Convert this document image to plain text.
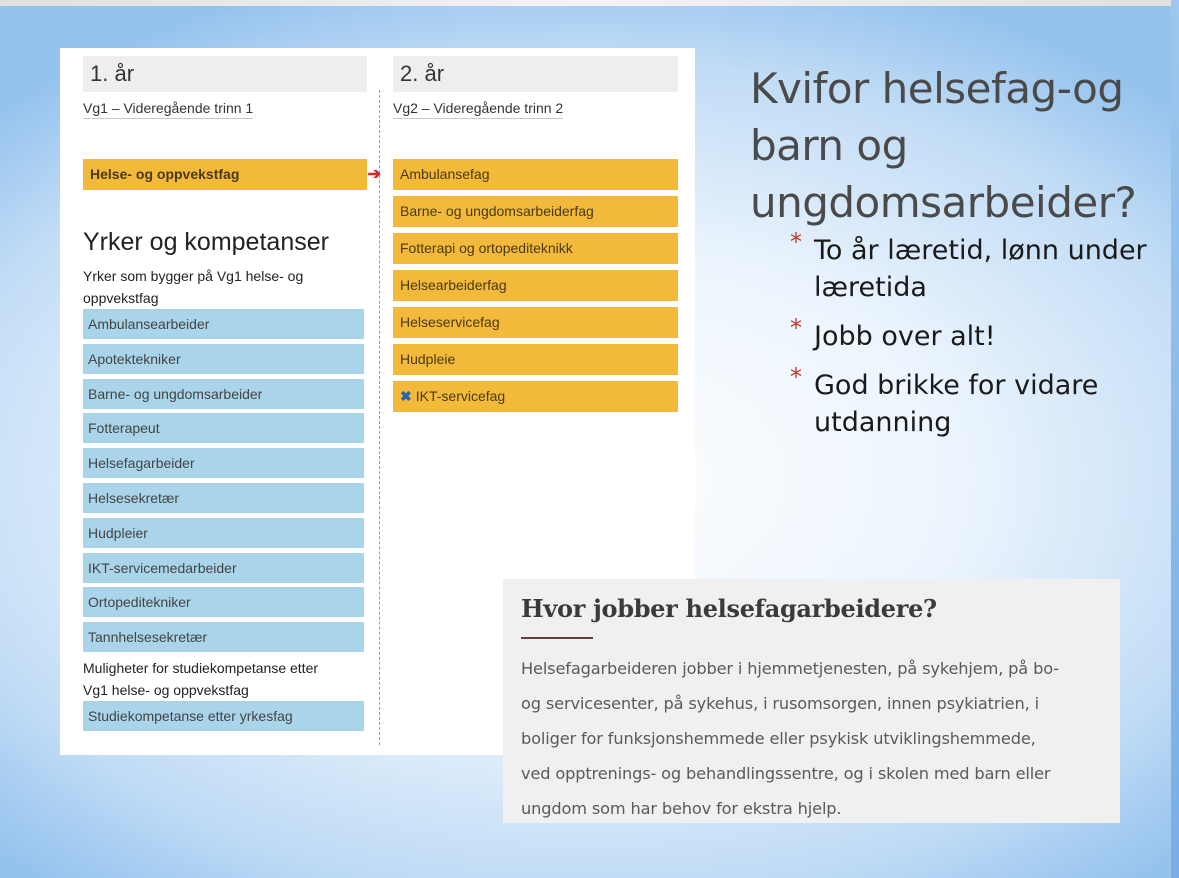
1. år
Vg1 – Videregående trinn 1
Helse- og oppvekstfag	➔
Yrker og kompetanser
Yrker som bygger på Vg1 helse- og oppvekstfag
Ambulansearbeider
Apotektekniker
Barne- og ungdomsarbeider
Fotterapeut
Helsefagarbeider
Helsesekretær
Hudpleier
IKT-servicemedarbeider
Ortopeditekniker
Tannhelsesekretær
Muligheter for studiekompetanse etter Vg1 helse- og oppvekstfag
Studiekompetanse etter yrkesfag
2. år
Vg2 – Videregående trinn 2
Ambulansefag
Barne- og ungdomsarbeiderfag
Fotterapi og ortopediteknikk
Helsearbeiderfag
Helseservicefag
Hudpleie
✖ IKT-servicefag
Kvifor helsefag-og barn og ungdomsarbeider?
* To år læretid, lønn under læretida
* Jobb over alt!
* God brikke for vidare utdanning
Hvor jobber helsefagarbeidere?
Helsefagarbeideren jobber i hjemmetjenesten, på sykehjem, på bo-
og servicesenter, på sykehus, i rusomsorgen, innen psykiatrien, i
boliger for funksjonshemmede eller psykisk utviklingshemmede,
ved opptrenings- og behandlingssentre, og i skolen med barn eller
ungdom som har behov for ekstra hjelp.
